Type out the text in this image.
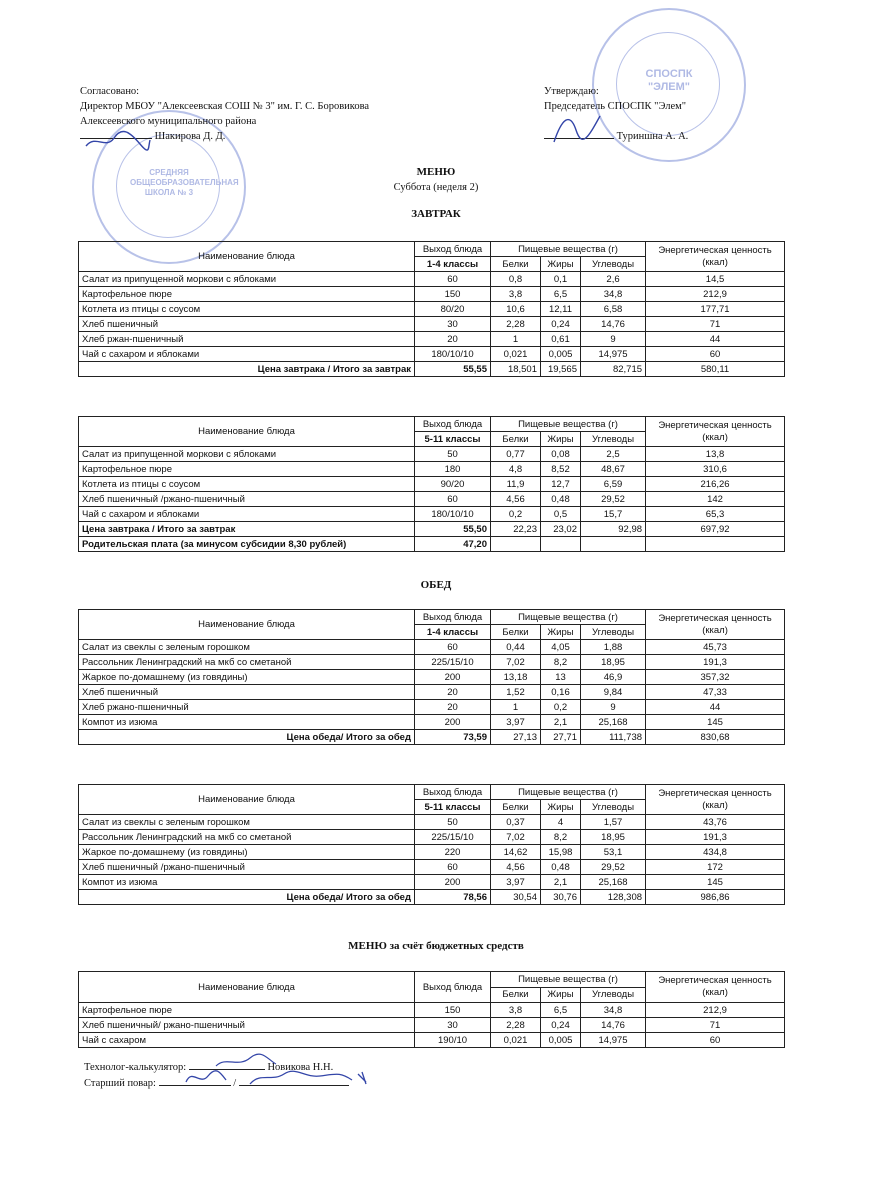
СРЕДНЯЯ ОБЩЕОБРАЗОВАТЕЛЬНАЯ ШКОЛА № 3
СПОСПК "ЭЛЕМ"
Согласовано:
Директор МБОУ "Алексеевская СОШ № 3" им. Г. С. Боровикова
Алексеевского муниципального района
Шакирова Д. Д.
Утверждаю:
Председатель СПОСПК "Элем"
Туриншна А. А.
МЕНЮ
Суббота (неделя 2)
ЗАВТРАК
Наименование блюда	Выход блюда	Пищевые вещества (г)			Энергетическая ценность (ккал)
	1-4 классы	Белки	Жиры	Углеводы	
Салат из припущенной моркови с яблоками	60	0,8	0,1	2,6	14,5
Картофельное пюре	150	3,8	6,5	34,8	212,9
Котлета из птицы с соусом	80/20	10,6	12,11	6,58	177,71
Хлеб пшеничный	30	2,28	0,24	14,76	71
Хлеб ржан-пшеничный	20	1	0,61	9	44
Чай с сахаром и яблоками	180/10/10	0,021	0,005	14,975	60
Цена завтрака / Итого за завтрак	55,55	18,501	19,565	82,715	580,11
Наименование блюда	Выход блюда	Пищевые вещества (г)			Энергетическая ценность (ккал)
	5-11 классы	Белки	Жиры	Углеводы	
Салат из припущенной моркови с яблоками	50	0,77	0,08	2,5	13,8
Картофельное пюре	180	4,8	8,52	48,67	310,6
Котлета из птицы с соусом	90/20	11,9	12,7	6,59	216,26
Хлеб пшеничный /ржано-пшеничный	60	4,56	0,48	29,52	142
Чай с сахаром и яблоками	180/10/10	0,2	0,5	15,7	65,3
Цена завтрака / Итого за завтрак	55,50	22,23	23,02	92,98	697,92
Родительская плата (за минусом субсидии 8,30 рублей)	47,20				
ОБЕД
Наименование блюда	Выход блюда	Пищевые вещества (г)			Энергетическая ценность (ккал)
	1-4 классы	Белки	Жиры	Углеводы	
Салат из свеклы с зеленым горошком	60	0,44	4,05	1,88	45,73
Рассольник Ленинградский на мкб со сметаной	225/15/10	7,02	8,2	18,95	191,3
Жаркое по-домашнему (из говядины)	200	13,18	13	46,9	357,32
Хлеб пшеничный	20	1,52	0,16	9,84	47,33
Хлеб ржано-пшеничный	20	1	0,2	9	44
Компот из изюма	200	3,97	2,1	25,168	145
Цена обеда/ Итого за обед	73,59	27,13	27,71	111,738	830,68
Наименование блюда	Выход блюда	Пищевые вещества (г)			Энергетическая ценность (ккал)
	5-11 классы	Белки	Жиры	Углеводы	
Салат из свеклы с зеленым горошком	50	0,37	4	1,57	43,76
Рассольник Ленинградский на мкб со сметаной	225/15/10	7,02	8,2	18,95	191,3
Жаркое по-домашнему (из говядины)	220	14,62	15,98	53,1	434,8
Хлеб пшеничный /ржано-пшеничный	60	4,56	0,48	29,52	172
Компот из изюма	200	3,97	2,1	25,168	145
Цена обеда/ Итого за обед	78,56	30,54	30,76	128,308	986,86
МЕНЮ за счёт бюджетных средств
Наименование блюда	Выход блюда	Пищевые вещества (г)			Энергетическая ценность (ккал)
		Белки	Жиры	Углеводы	
Картофельное пюре	150	3,8	6,5	34,8	212,9
Хлеб пшеничный/ ржано-пшеничный	30	2,28	0,24	14,76	71
Чай с сахаром	190/10	0,021	0,005	14,975	60
Технолог-калькулятор:	Новикова Н.Н.
Старший повар:	/
